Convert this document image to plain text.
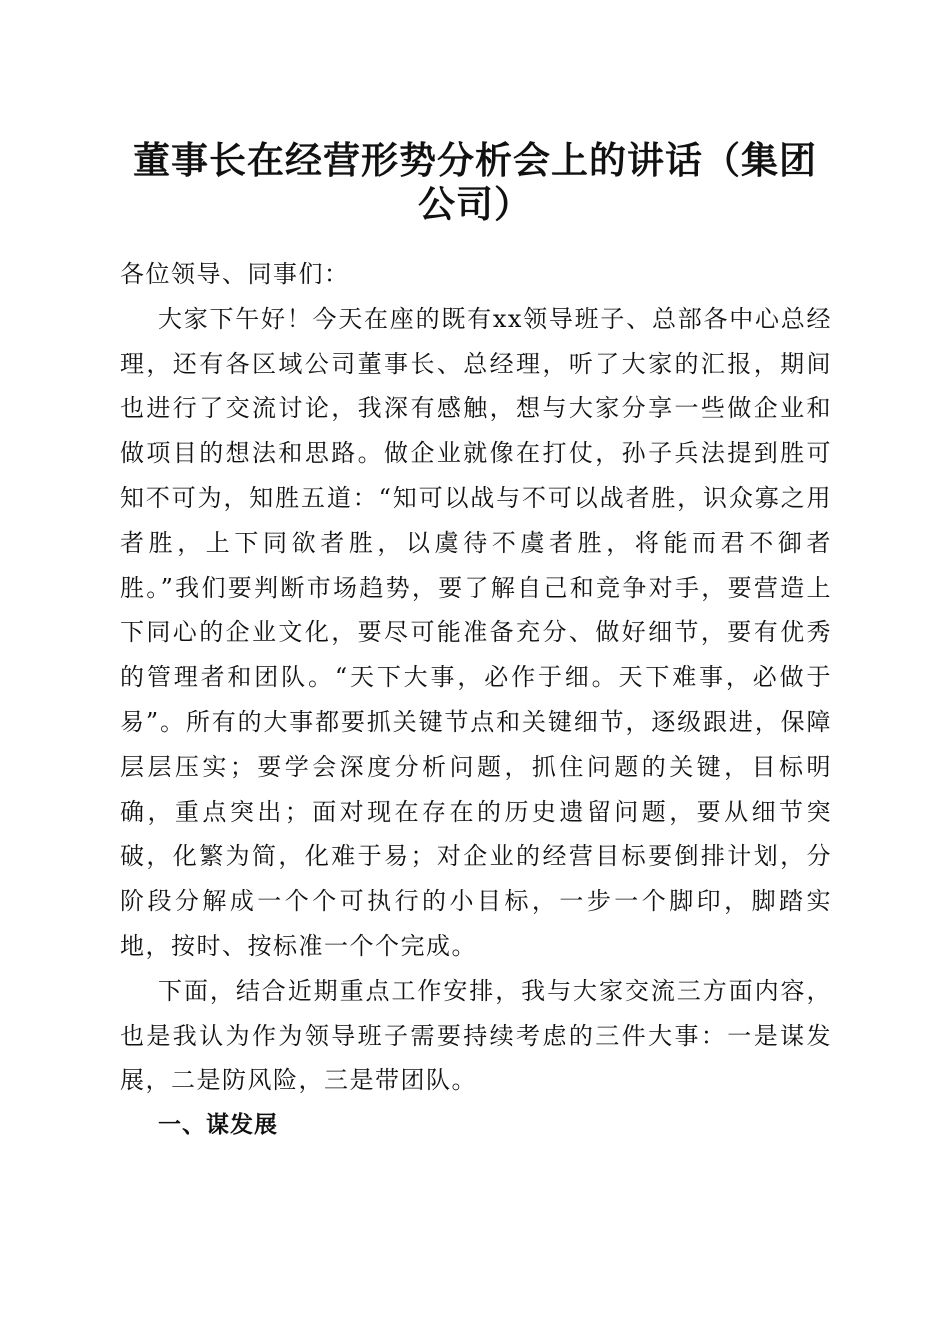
董事长在经营形势分析会上的讲话（集团公司）

各位领导、同事们：

大家下午好！今天在座的既有xx领导班子、总部各中心总经理，还有各区域公司董事长、总经理，听了大家的汇报，期间也进行了交流讨论，我深有感触，想与大家分享一些做企业和做项目的想法和思路。做企业就像在打仗，孙子兵法提到胜可知不可为，知胜五道：“知可以战与不可以战者胜，识众寡之用者胜，上下同欲者胜，以虞待不虞者胜，将能而君不御者胜。”我们要判断市场趋势，要了解自己和竞争对手，要营造上下同心的企业文化，要尽可能准备充分、做好细节，要有优秀的管理者和团队。“天下大事，必作于细。天下难事，必做于易”。所有的大事都要抓关键节点和关键细节，逐级跟进，保障层层压实；要学会深度分析问题，抓住问题的关键，目标明确，重点突出；面对现在存在的历史遗留问题，要从细节突破，化繁为简，化难于易；对企业的经营目标要倒排计划，分阶段分解成一个个可执行的小目标，一步一个脚印，脚踏实地，按时、按标准一个个完成。

下面，结合近期重点工作安排，我与大家交流三方面内容，也是我认为作为领导班子需要持续考虑的三件大事：一是谋发展，二是防风险，三是带团队。

一、谋发展
